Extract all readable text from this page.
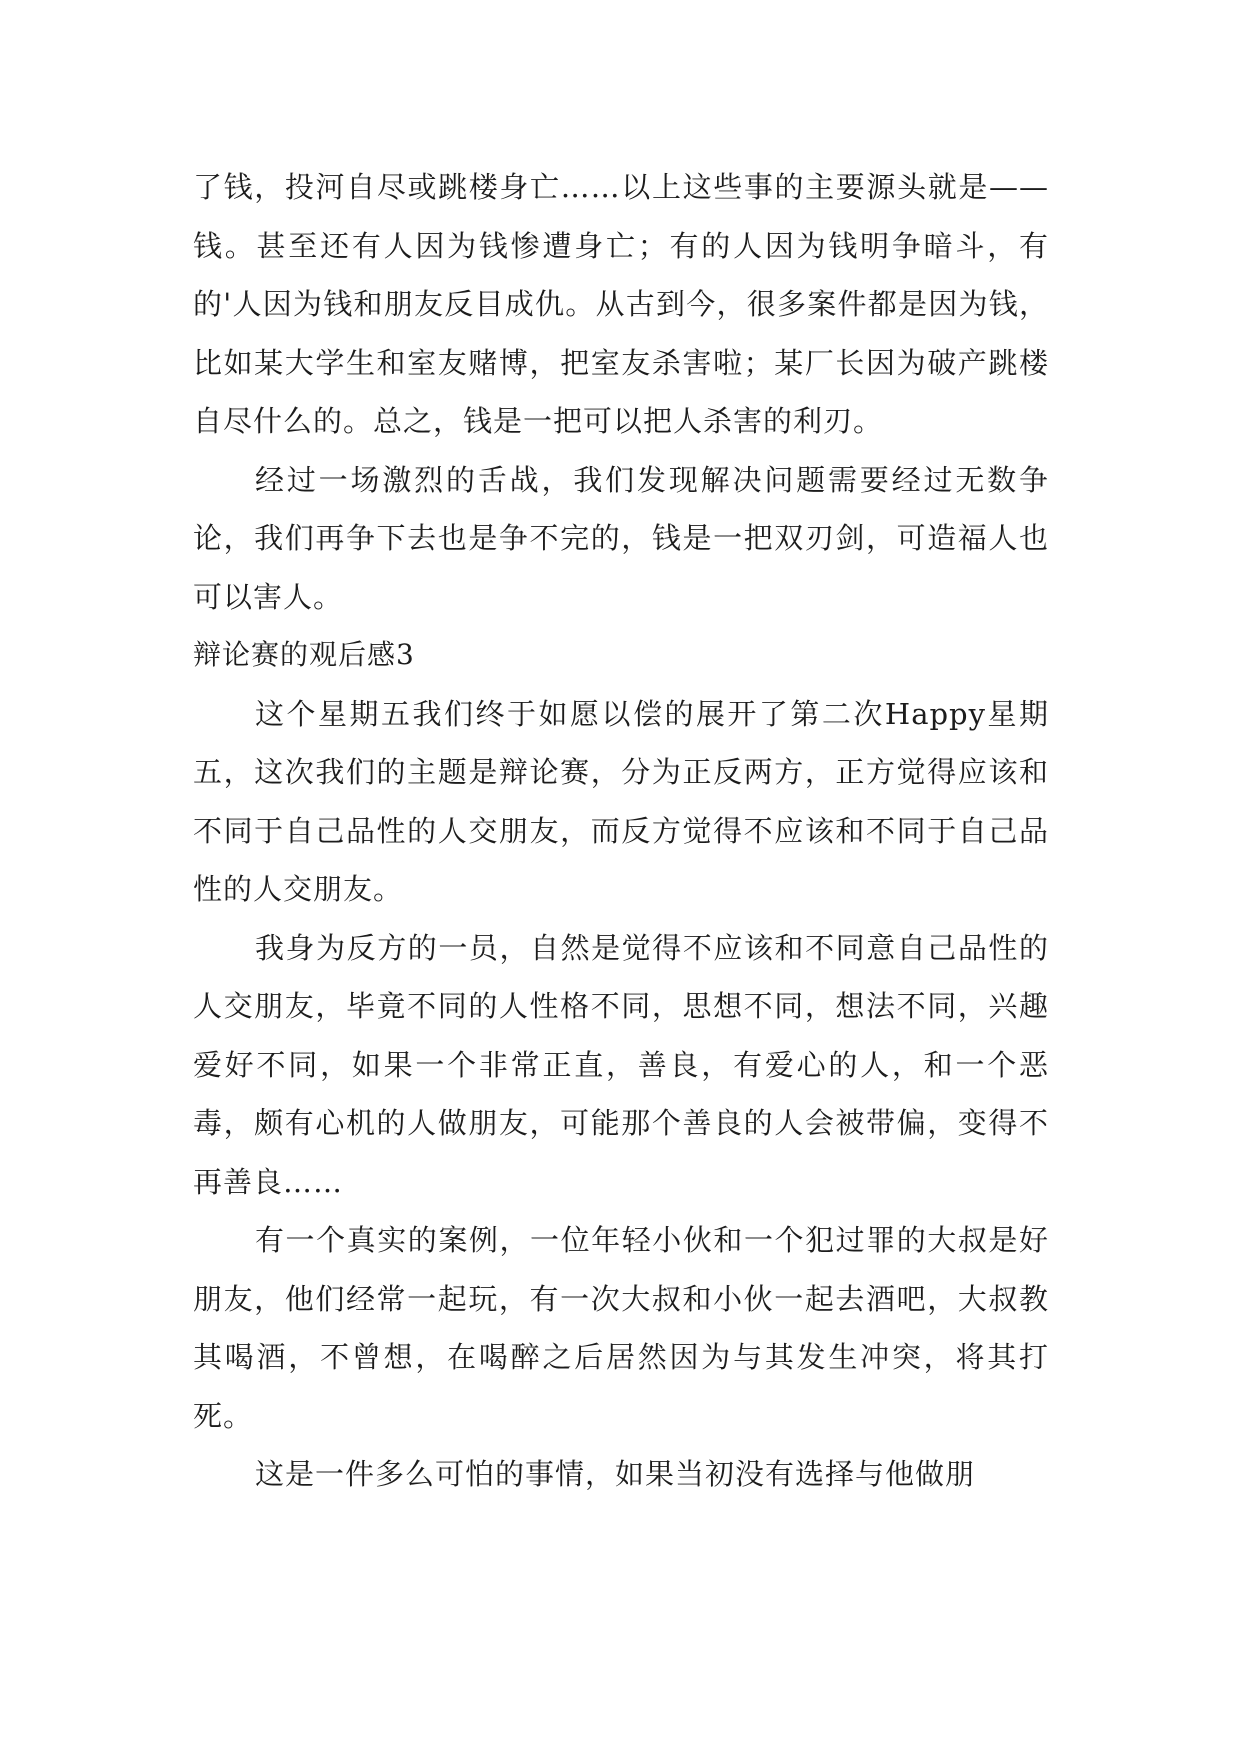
了钱，投河自尽或跳楼身亡……以上这些事的主要源头就是——钱。甚至还有人因为钱惨遭身亡；有的人因为钱明争暗斗，有的'人因为钱和朋友反目成仇。从古到今，很多案件都是因为钱，比如某大学生和室友赌博，把室友杀害啦；某厂长因为破产跳楼自尽什么的。总之，钱是一把可以把人杀害的利刃。

经过一场激烈的舌战，我们发现解决问题需要经过无数争论，我们再争下去也是争不完的，钱是一把双刃剑，可造福人也可以害人。

辩论赛的观后感3

这个星期五我们终于如愿以偿的展开了第二次Happy星期五，这次我们的主题是辩论赛，分为正反两方，正方觉得应该和不同于自己品性的人交朋友，而反方觉得不应该和不同于自己品性的人交朋友。

我身为反方的一员，自然是觉得不应该和不同意自己品性的人交朋友，毕竟不同的人性格不同，思想不同，想法不同，兴趣爱好不同，如果一个非常正直，善良，有爱心的人，和一个恶毒，颇有心机的人做朋友，可能那个善良的人会被带偏，变得不再善良……

有一个真实的案例，一位年轻小伙和一个犯过罪的大叔是好朋友，他们经常一起玩，有一次大叔和小伙一起去酒吧，大叔教其喝酒，不曾想，在喝醉之后居然因为与其发生冲突，将其打死。

这是一件多么可怕的事情，如果当初没有选择与他做朋
